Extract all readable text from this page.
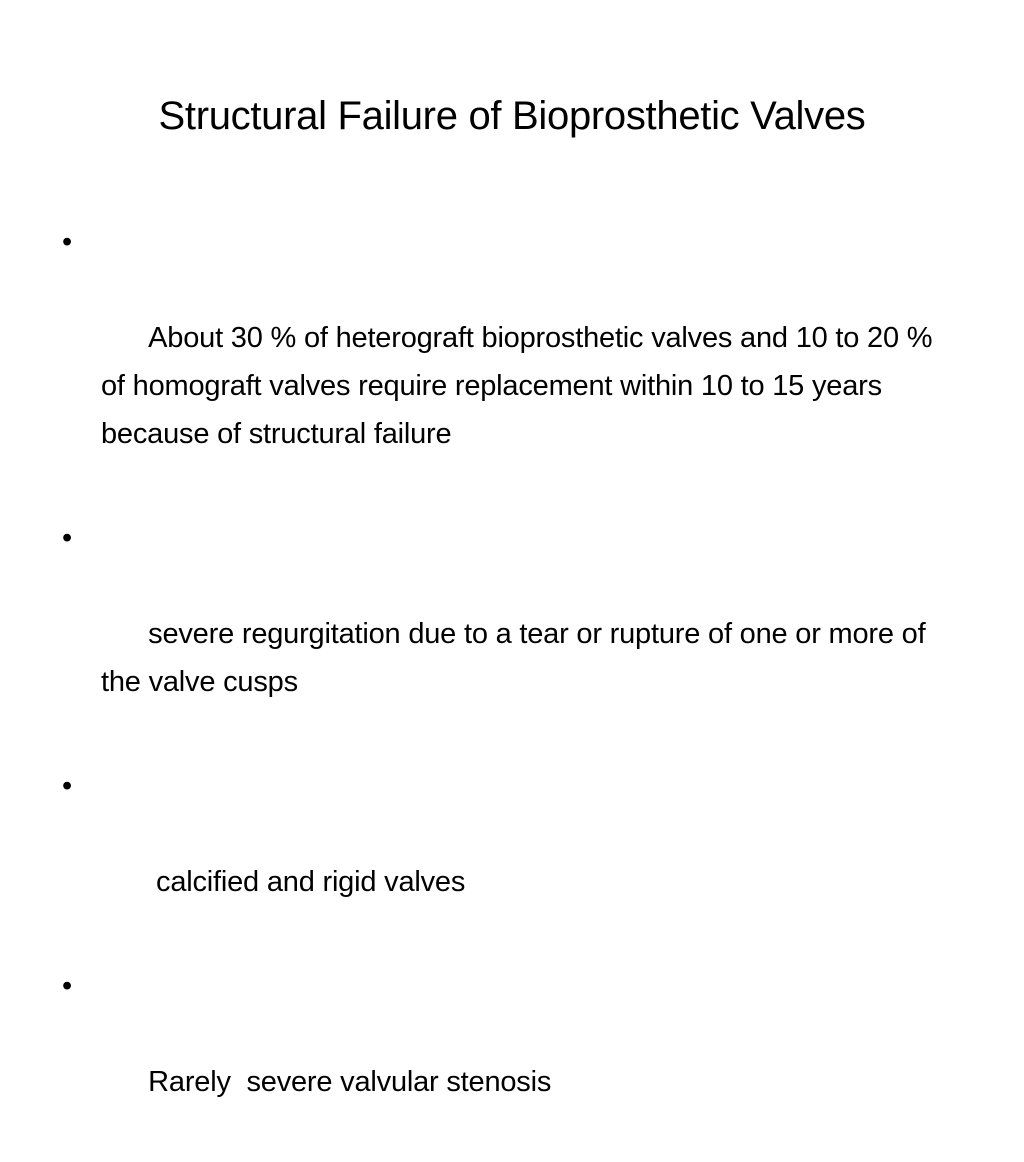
Structural Failure of Bioprosthetic Valves

•

About 30 % of heterograft bioprosthetic valves and 10 to 20 % of homograft valves require replacement within 10 to 15 years because of structural failure

•

severe regurgitation due to a tear or rupture of one or more of the valve cusps

•

calcified and rigid valves

•

Rarely  severe valvular stenosis
